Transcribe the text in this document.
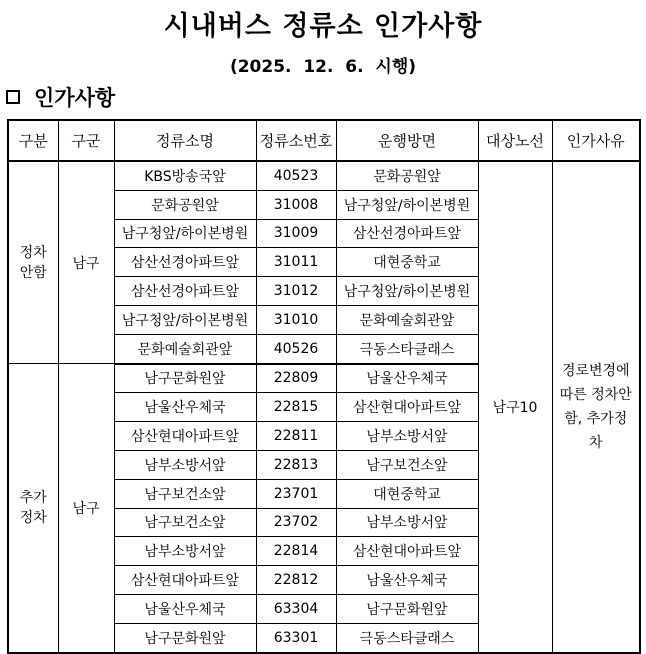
시내버스 정류소 인가사항
(2025.  12.  6.  시행)
인가사항
구분	구군	정류소명	정류소번호	운행방면	대상노선	인가사유
정차 안함	남구	KBS방송국앞	40523	문화공원앞	남구10	경로변경에 따른 정차안함, 추가정차
		문화공원앞	31008	남구청앞/하이본병원		
		남구청앞/하이본병원	31009	삼산선경아파트앞		
		삼산선경아파트앞	31011	대현중학교		
		삼산선경아파트앞	31012	남구청앞/하이본병원		
		남구청앞/하이본병원	31010	문화예술회관앞		
		문화예술회관앞	40526	극동스타클래스		
추가 정차	남구	남구문화원앞	22809	남울산우체국		
		남울산우체국	22815	삼산현대아파트앞		
		삼산현대아파트앞	22811	남부소방서앞		
		남부소방서앞	22813	남구보건소앞		
		남구보건소앞	23701	대현중학교		
		남구보건소앞	23702	남부소방서앞		
		남부소방서앞	22814	삼산현대아파트앞		
		삼산현대아파트앞	22812	남울산우체국		
		남울산우체국	63304	남구문화원앞		
		남구문화원앞	63301	극동스타클래스		
